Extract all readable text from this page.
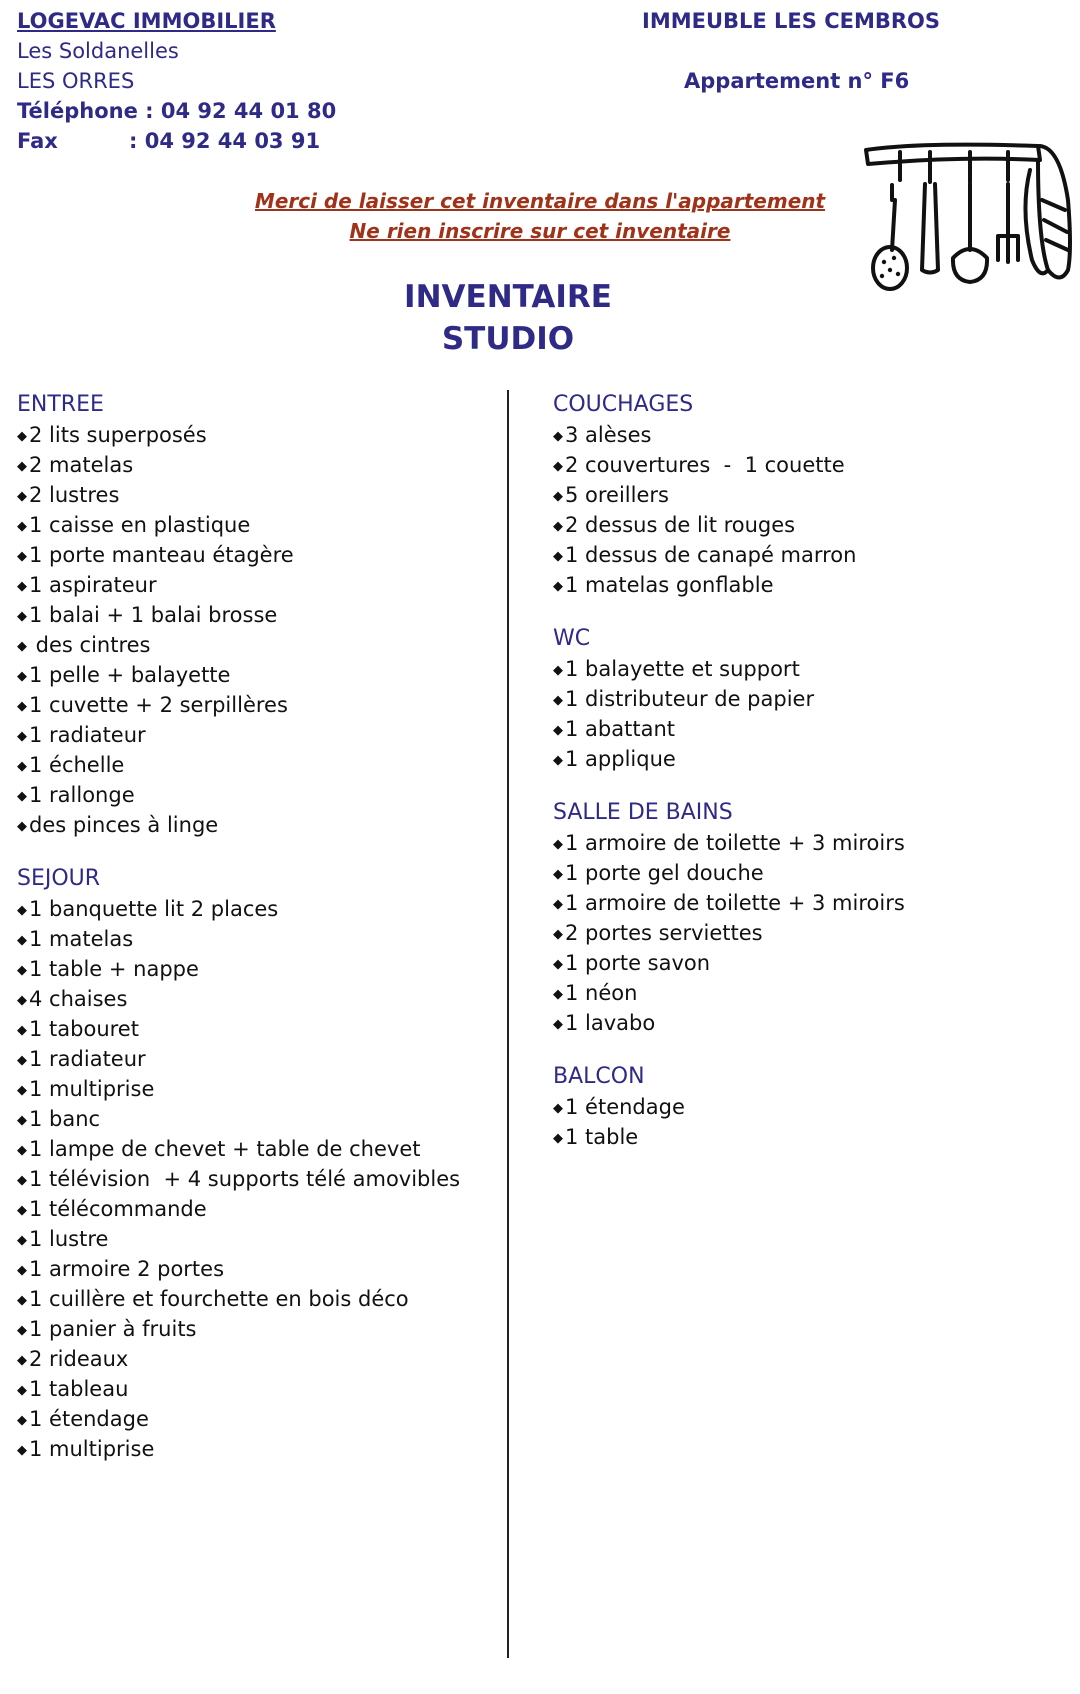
LOGEVAC IMMOBILIER
Les Soldanelles
LES ORRES
Téléphone : 04 92 44 01 80
Fax	: 04 92 44 03 91
IMMEUBLE LES CEMBROS
Appartement n° F6
Merci de laisser cet inventaire dans l'appartement
Ne rien inscrire sur cet inventaire
INVENTAIRE
STUDIO
ENTREE
◆2 lits superposés
◆2 matelas
◆2 lustres
◆1 caisse en plastique
◆1 porte manteau étagère
◆1 aspirateur
◆1 balai + 1 balai brosse
◆ des cintres
◆1 pelle + balayette
◆1 cuvette + 2 serpillères
◆1 radiateur
◆1 échelle
◆1 rallonge
◆des pinces à linge
SEJOUR
◆1 banquette lit 2 places
◆1 matelas
◆1 table + nappe
◆4 chaises
◆1 tabouret
◆1 radiateur
◆1 multiprise
◆1 banc
◆1 lampe de chevet + table de chevet
◆1 télévision  + 4 supports télé amovibles
◆1 télécommande
◆1 lustre
◆1 armoire 2 portes
◆1 cuillère et fourchette en bois déco
◆1 panier à fruits
◆2 rideaux
◆1 tableau
◆1 étendage
◆1 multiprise
COUCHAGES
◆3 alèses
◆2 couvertures  -  1 couette
◆5 oreillers
◆2 dessus de lit rouges
◆1 dessus de canapé marron
◆1 matelas gonflable
WC
◆1 balayette et support
◆1 distributeur de papier
◆1 abattant
◆1 applique
SALLE DE BAINS
◆1 armoire de toilette + 3 miroirs
◆1 porte gel douche
◆1 armoire de toilette + 3 miroirs
◆2 portes serviettes
◆1 porte savon
◆1 néon
◆1 lavabo
BALCON
◆1 étendage
◆1 table
